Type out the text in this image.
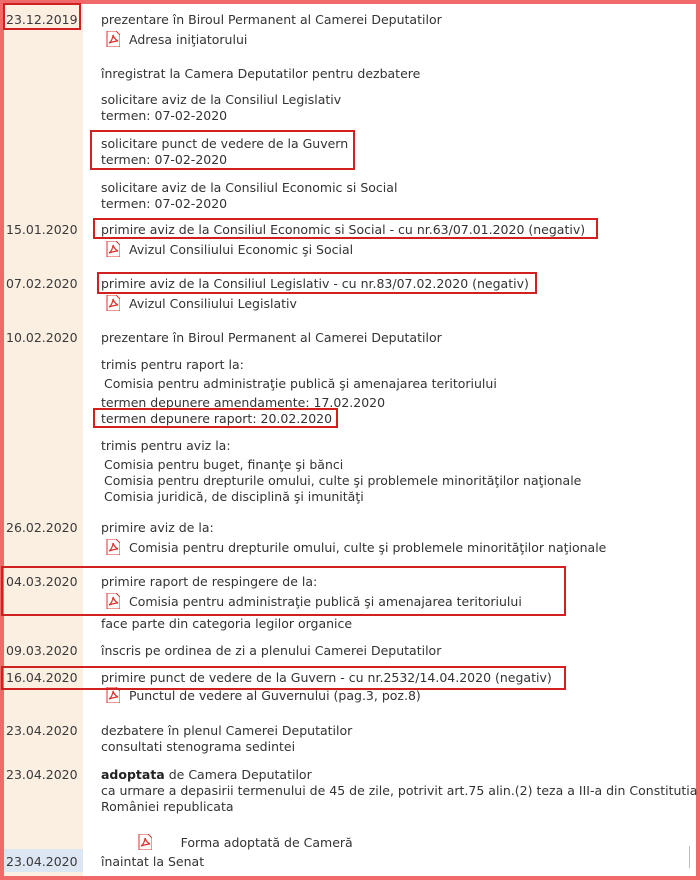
23.12.2019 prezentare în Biroul Permanent al Camerei Deputatilor
Adresa iniţiatorului
înregistrat la Camera Deputatilor pentru dezbatere
solicitare aviz de la Consiliul Legislativ
termen: 07-02-2020
solicitare punct de vedere de la Guvern
termen: 07-02-2020
solicitare aviz de la Consiliul Economic si Social
termen: 07-02-2020
15.01.2020 primire aviz de la Consiliul Economic si Social - cu nr.63/07.01.2020 (negativ)
Avizul Consiliului Economic şi Social
07.02.2020 primire aviz de la Consiliul Legislativ - cu nr.83/07.02.2020 (negativ)
Avizul Consiliului Legislativ
10.02.2020 prezentare în Biroul Permanent al Camerei Deputatilor
trimis pentru raport la:
Comisia pentru administraţie publică şi amenajarea teritoriului
termen depunere amendamente: 17.02.2020
termen depunere raport: 20.02.2020
trimis pentru aviz la:
Comisia pentru buget, finanţe şi bănci
Comisia pentru drepturile omului, culte şi problemele minorităţilor naţionale
Comisia juridică, de disciplină şi imunităţi
26.02.2020 primire aviz de la:
Comisia pentru drepturile omului, culte şi problemele minorităţilor naţionale
04.03.2020 primire raport de respingere de la:
Comisia pentru administraţie publică şi amenajarea teritoriului
face parte din categoria legilor organice
09.03.2020 înscris pe ordinea de zi a plenului Camerei Deputatilor
16.04.2020 primire punct de vedere de la Guvern - cu nr.2532/14.04.2020 (negativ)
Punctul de vedere al Guvernului (pag.3, poz.8)
23.04.2020 dezbatere în plenul Camerei Deputatilor
consultati stenograma sedintei
23.04.2020 adoptata de Camera Deputatilor
ca urmare a depasirii termenului de 45 de zile, potrivit art.75 alin.(2) teza a III-a din Constitutia
României republicata

Forma adoptată de Cameră

23.04.2020 înaintat la Senat
